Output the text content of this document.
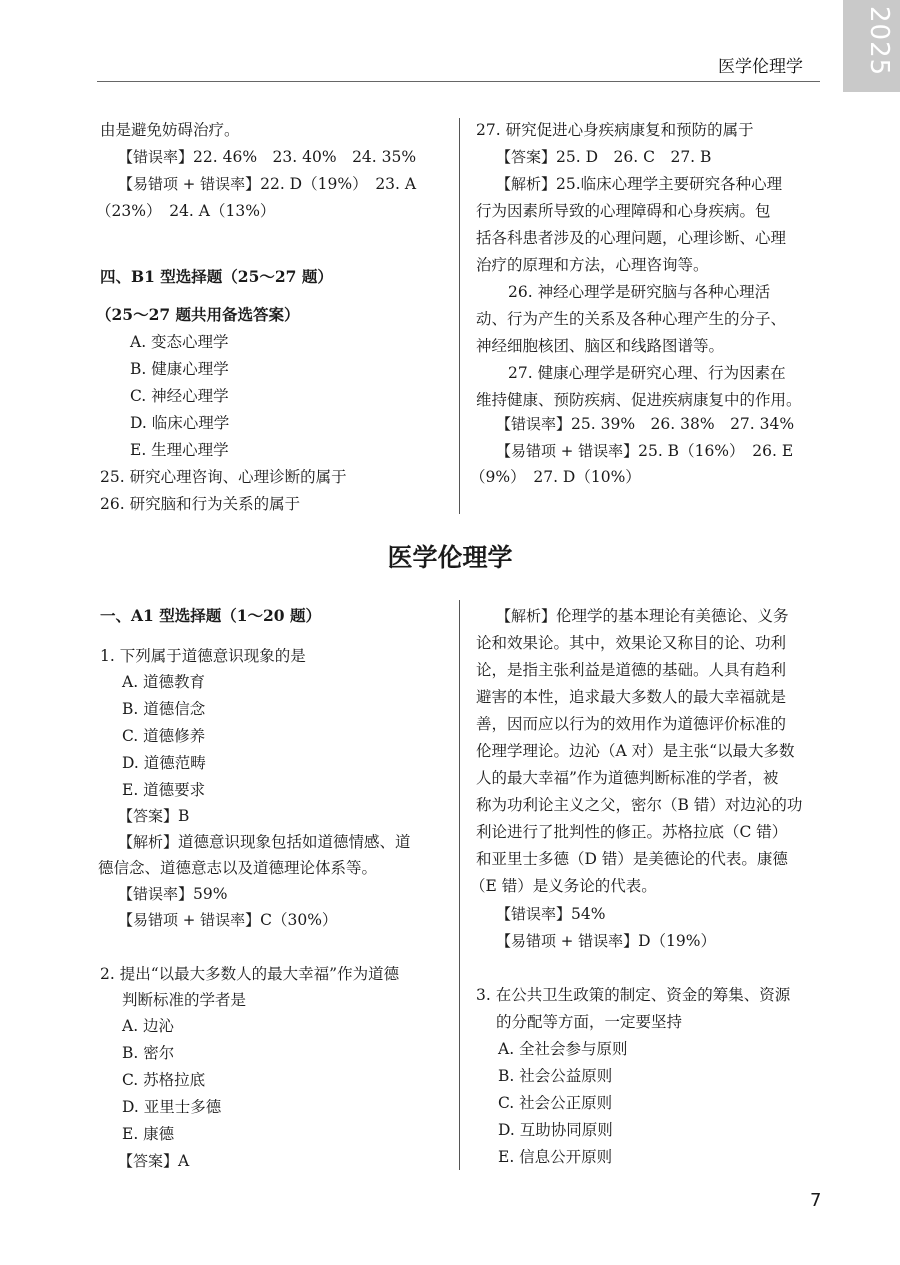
2025
医学伦理学
由是避免妨碍治疗。
【错误率】22. 46%　23. 40%　24. 35%
【易错项 + 错误率】22. D（19%）　23. A
（23%）　24. A（13%）
四、B1 型选择题（25～27 题）
（25～27 题共用备选答案）
A. 变态心理学
B. 健康心理学
C. 神经心理学
D. 临床心理学
E. 生理心理学
25. 研究心理咨询、心理诊断的属于
26. 研究脑和行为关系的属于
27. 研究促进心身疾病康复和预防的属于
【答案】25. D　26. C　27. B
【解析】25.临床心理学主要研究各种心理
行为因素所导致的心理障碍和心身疾病。包
括各科患者涉及的心理问题，心理诊断、心理
治疗的原理和方法，心理咨询等。
26. 神经心理学是研究脑与各种心理活
动、行为产生的关系及各种心理产生的分子、
神经细胞核团、脑区和线路图谱等。
27. 健康心理学是研究心理、行为因素在
维持健康、预防疾病、促进疾病康复中的作用。
【错误率】25. 39%　26. 38%　27. 34%
【易错项 + 错误率】25. B（16%）　26. E
（9%）　27. D（10%）
医学伦理学
一、A1 型选择题（1～20 题）
1. 下列属于道德意识现象的是
A. 道德教育
B. 道德信念
C. 道德修养
D. 道德范畴
E. 道德要求
【答案】B
【解析】道德意识现象包括如道德情感、道
德信念、道德意志以及道德理论体系等。
【错误率】59%
【易错项 + 错误率】C（30%）
2. 提出“以最大多数人的最大幸福”作为道德
判断标准的学者是
A. 边沁
B. 密尔
C. 苏格拉底
D. 亚里士多德
E. 康德
【答案】A
【解析】伦理学的基本理论有美德论、义务
论和效果论。其中，效果论又称目的论、功利
论，是指主张利益是道德的基础。人具有趋利
避害的本性，追求最大多数人的最大幸福就是
善，因而应以行为的效用作为道德评价标准的
伦理学理论。边沁（A 对）是主张“以最大多数
人的最大幸福”作为道德判断标准的学者，被
称为功利论主义之父，密尔（B 错）对边沁的功
利论进行了批判性的修正。苏格拉底（C 错）
和亚里士多德（D 错）是美德论的代表。康德
（E 错）是义务论的代表。
【错误率】54%
【易错项 + 错误率】D（19%）
3. 在公共卫生政策的制定、资金的筹集、资源
的分配等方面，一定要坚持
A. 全社会参与原则
B. 社会公益原则
C. 社会公正原则
D. 互助协同原则
E. 信息公开原则
7
